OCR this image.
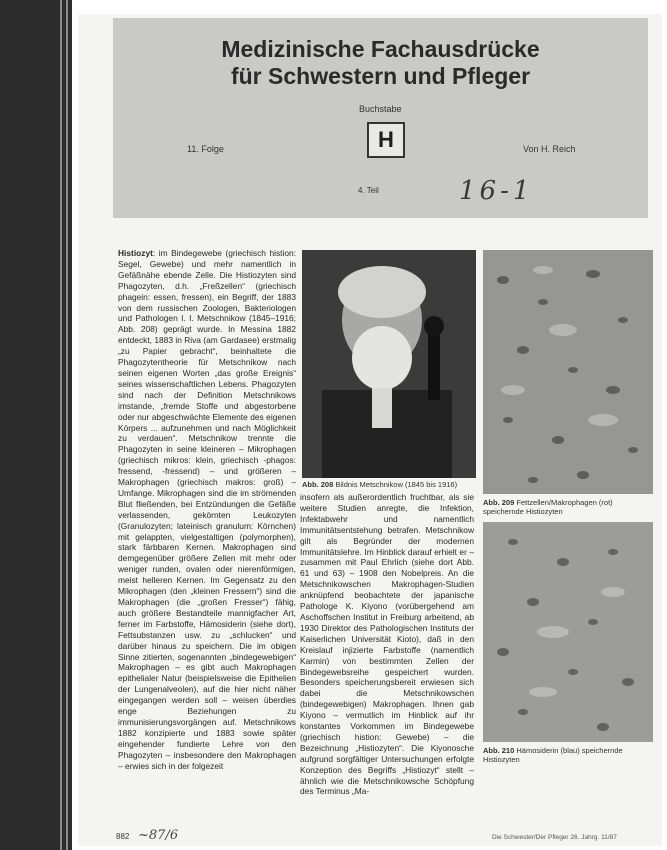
Medizinische Fachausdrücke
für Schwestern und Pfleger
Buchstabe
H
11. Folge	Von H. Reich
4. Teil	16-1
Histiozyt: im Bindegewebe (griechisch histion: Segel, Gewebe) und mehr namentlich in Gefäßnähe ebende Zelle. Die Histiozyten sind Phagozyten, d.h. „Freßzellen“ (griechisch phagein: essen, fressen), ein Begriff, der 1883 von dem russischen Zoologen, Bakteriologen und Pathologen I. I. Metschnikow (1845–1916; Abb. 208) geprägt wurde. In Messina 1882 entdeckt, 1883 in Riva (am Gardasee) erstmalig „zu Papier gebracht“, beinhaltete die Phagozytentheorie für Metschnikow nach seinen eigenen Worten „das große Ereignis“ seines wissenschaftlichen Lebens. Phagozyten sind nach der Definition Metschnikows imstande, „fremde Stoffe und abgestorbene oder nur abgeschwächte Elemente des eigenen Körpers ... aufzunehmen und nach Möglichkeit zu verdauen“. Metschnikow trennte die Phagozyten in seine kleineren – Mikrophagen (griechisch mikros: klein, griechisch -phagos: fressend, -fressend) – und größeren – Makrophagen (griechisch makros: groß) – Umfange. Mikrophagen sind die im strömenden Blut fließenden, bei Entzündungen die Gefäße verlassenden, gekörnten Leukozyten (Granulozyten; lateinisch granulum: Körnchen) mit gelappten, vielgestaltigen (polymorphen), stark färbbaren Kernen. Makrophagen sind demgegenüber größere Zellen mit mehr oder weniger runden, ovalen oder nierenförmigen, meist helleren Kernen. Im Gegensatz zu den Mikrophagen (den „kleinen Fressern“) sind die Makrophagen (die „großen Fresser“) fähig, auch größere Bestandteile mannigfacher Art, ferner im Farbstoffe, Hämosiderin (siehe dort), Fettsubstanzen usw. zu „schlucken“ und darüber hinaus zu speichern. Die im obigen Sinne zitierten, sogenannten „bindegewebigen“ Makrophagen – es gibt auch Makrophagen epithelialer Natur (beispielsweise die Epithelien der Lungenalveolen), auf die hier nicht näher eingegangen werden soll – weisen überdies enge Beziehungen zu immunisierungsvorgängen auf. Metschnikows 1882 konzipierte und 1883 sowie später eingehender fundierte Lehre von den Phagozyten – insbesondere den Makrophagen – erwies sich in der folgezeit
Abb. 208 Bildnis Metschnikow (1845 bis 1916)
insofern als außerordentlich fruchtbar, als sie weitere Studien anregte, die Infektion, Infektabwehr und namentlich Immunitätsentstehung betrafen. Metschnikow gilt als Begründer der modernen Immunitätslehre. Im Hinblick darauf erhielt er – zusammen mit Paul Ehrlich (siehe dort Abb. 61 und 63) – 1908 den Nobelpreis. An die Metschnikowschen Makrophagen-Studien anknüpfend beobachtete der japanische Pathologe K. Kiyono (vorübergehend am Aschoffschen Institut in Freiburg arbeitend, ab 1930 Direktor des Pathologischen Instituts der Kaiserlichen Universität Kioto), daß in den Kreislauf injizierte Farbstoffe (namentlich Karmin) von bestimmten Zellen der Bindegewebsreihe gespeichert wurden. Besonders speicherungsbereit erwiesen sich dabei die Metschnikowschen (bindegewebigen) Makrophagen. Ihnen gab Kiyono – vermutlich im Hinblick auf ihr konstantes Vorkommen im Bindegewebe (griechisch histion: Gewebe) – die Bezeichnung „Histiozyten“. Die Kiyonosche aufgrund sorgfältiger Untersuchungen erfolgte Konzeption des Begriffs „Histiozyt“ stellt – ähnlich wie die Metschnikowsche Schöpfung des Terminus „Ma-
Abb. 209 Fettzellen/Makrophagen (rot) speichernde Histiozyten
Abb. 210 Hämosiderin (blau) speichernde Histiozyten
882 ~87/6	Die Schwester/Der Pfleger 26. Jahrg. 11/87
